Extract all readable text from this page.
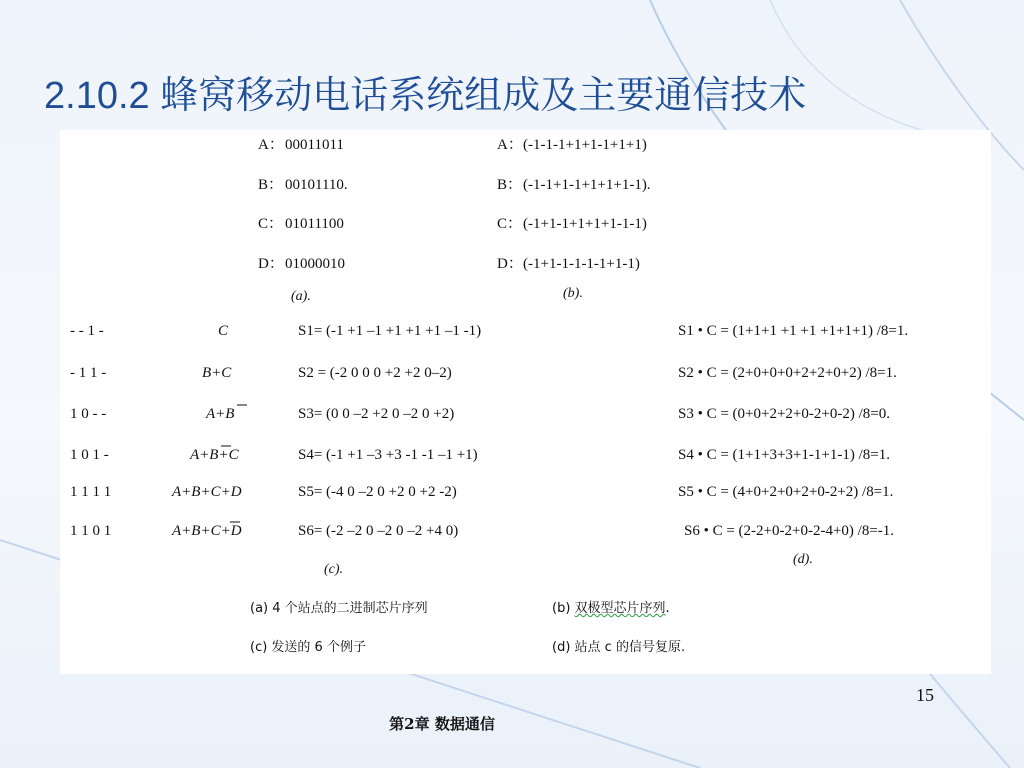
2.10.2 蜂窝移动电话系统组成及主要通信技术
A： 00011011
B： 00101110.
C： 01011100
D： 01000010
(a).
A： (-1-1-1+1+1-1+1+1)
B： (-1-1+1-1+1+1+1-1).
C： (-1+1-1+1+1+1-1-1)
D： (-1+1-1-1-1-1+1-1)
(b).
- - 1 -
- 1 1 -
1 0 - -
1 0 1 -
1 1 1 1
1 1 0 1
C
B+C
A+B
A+B+C
A+B+C+D
A+B+C+D
S1= (-1 +1 –1 +1 +1 +1 –1 -1)
S2 = (-2 0 0 0 +2 +2 0–2)
S3= (0 0 –2 +2 0 –2 0 +2)
S4= (-1 +1 –3 +3 -1 -1 –1 +1)
S5= (-4 0 –2 0 +2 0 +2 -2)
S6= (-2 –2 0 –2 0 –2 +4 0)
(c).
S1 • C = (1+1+1 +1 +1 +1+1+1) /8=1.
S2 • C = (2+0+0+0+2+2+0+2) /8=1.
S3 • C = (0+0+2+2+0-2+0-2) /8=0.
S4 • C = (1+1+3+3+1-1+1-1) /8=1.
S5 • C = (4+0+2+0+2+0-2+2) /8=1.
S6 • C = (2-2+0-2+0-2-4+0) /8=-1.
(d).
(a) 4 个站点的二进制芯片序列	(b) 双极型芯片序列.
(c) 发送的 6 个例子	(d) 站点 c 的信号复原.
15
第2章 数据通信
